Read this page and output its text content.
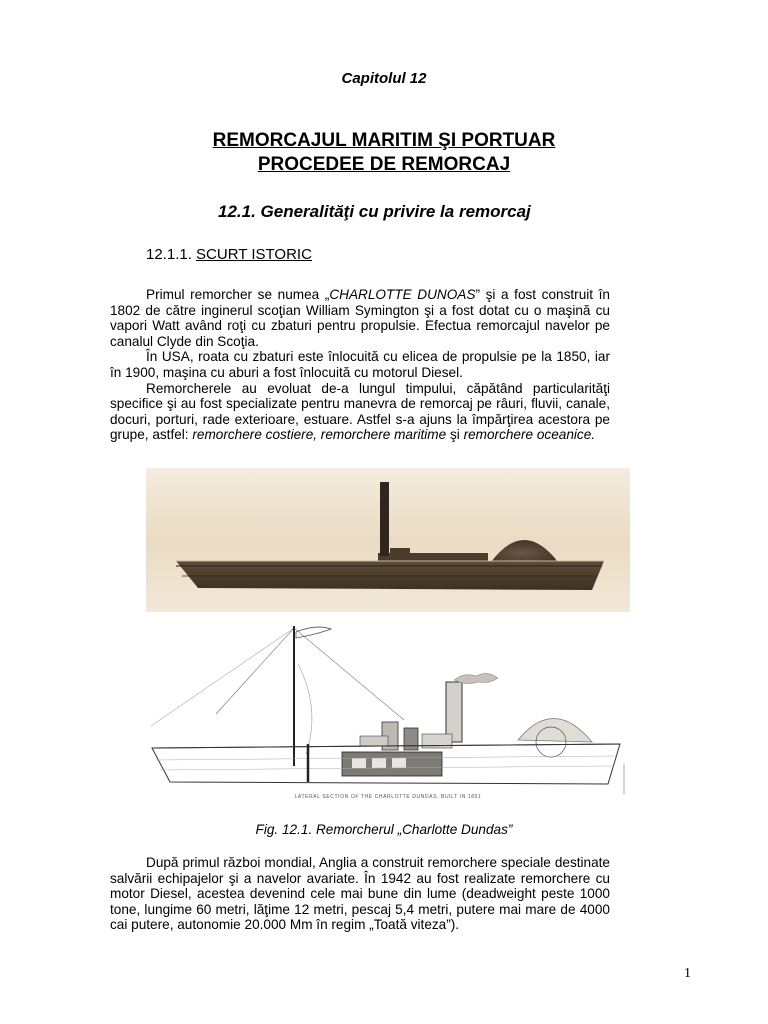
Capitolul 12
REMORCAJUL MARITIM ŞI PORTUAR
PROCEDEE DE REMORCAJ
12.1. Generalităţi cu privire la remorcaj
12.1.1. SCURT ISTORIC

Primul remorcher se numea „CHARLOTTE DUNOAS” şi a fost construit în 1802 de către inginerul scoţian William Symington şi a fost dotat cu o maşină cu vapori Watt având roţi cu zbaturi pentru propulsie. Efectua remorcajul navelor pe canalul Clyde din Scoţia.

În USA, roata cu zbaturi este înlocuită cu elicea de propulsie pe la 1850, iar în 1900, maşina cu aburi a fost înlocuită cu motorul Diesel.

Remorcherele au evoluat de-a lungul timpului, căpătând particularităţi specifice şi au fost specializate pentru manevra de remorcaj pe râuri, fluvii, canale, docuri, porturi, rade exterioare, estuare. Astfel s-a ajuns la împărţirea acestora pe grupe, astfel: remorchere costiere, remorchere maritime şi remorchere oceanice.

LATERAL SECTION OF THE CHARLOTTE DUNDAS, BUILT IN 1801
Fig. 12.1. Remorcherul „Charlotte Dundas”

După primul război mondial, Anglia a construit remorchere speciale destinate salvării echipajelor şi a navelor avariate. În 1942 au fost realizate remorchere cu motor Diesel, acestea devenind cele mai bune din lume (deadweight peste 1000 tone, lungime 60 metri, lăţime 12 metri, pescaj 5,4 metri, putere mai mare de 4000 cai putere, autonomie 20.000 Mm în regim „Toată viteza”).

1
